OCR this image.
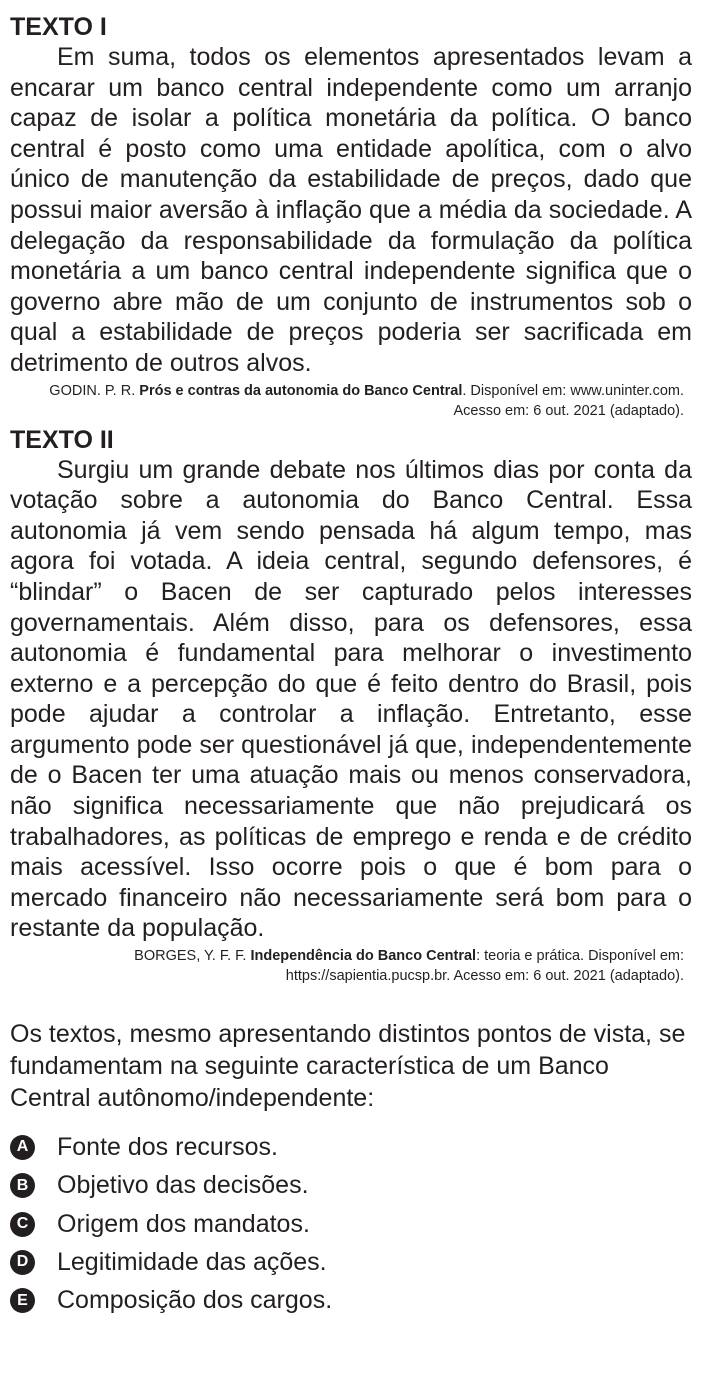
TEXTO I

Em suma, todos os elementos apresentados levam a encarar um banco central independente como um arranjo capaz de isolar a política monetária da política. O banco central é posto como uma entidade apolítica, com o alvo único de manutenção da estabilidade de preços, dado que possui maior aversão à inflação que a média da sociedade. A delegação da responsabilidade da formulação da política monetária a um banco central independente significa que o governo abre mão de um conjunto de instrumentos sob o qual a estabilidade de preços poderia ser sacrificada em detrimento de outros alvos.

GODIN. P. R. Prós e contras da autonomia do Banco Central. Disponível em: www.uninter.com. Acesso em: 6 out. 2021 (adaptado).

TEXTO II

Surgiu um grande debate nos últimos dias por conta da votação sobre a autonomia do Banco Central. Essa autonomia já vem sendo pensada há algum tempo, mas agora foi votada. A ideia central, segundo defensores, é “blindar” o Bacen de ser capturado pelos interesses governamentais. Além disso, para os defensores, essa autonomia é fundamental para melhorar o investimento externo e a percepção do que é feito dentro do Brasil, pois pode ajudar a controlar a inflação. Entretanto, esse argumento pode ser questionável já que, independentemente de o Bacen ter uma atuação mais ou menos conservadora, não significa necessariamente que não prejudicará os trabalhadores, as políticas de emprego e renda e de crédito mais acessível. Isso ocorre pois o que é bom para o mercado financeiro não necessariamente será bom para o restante da população.

BORGES, Y. F. F. Independência do Banco Central: teoria e prática. Disponível em: https://sapientia.pucsp.br. Acesso em: 6 out. 2021 (adaptado).

Os textos, mesmo apresentando distintos pontos de vista, se fundamentam na seguinte característica de um Banco Central autônomo/independente:

A Fonte dos recursos.
B Objetivo das decisões.
C Origem dos mandatos.
D Legitimidade das ações.
E Composição dos cargos.
